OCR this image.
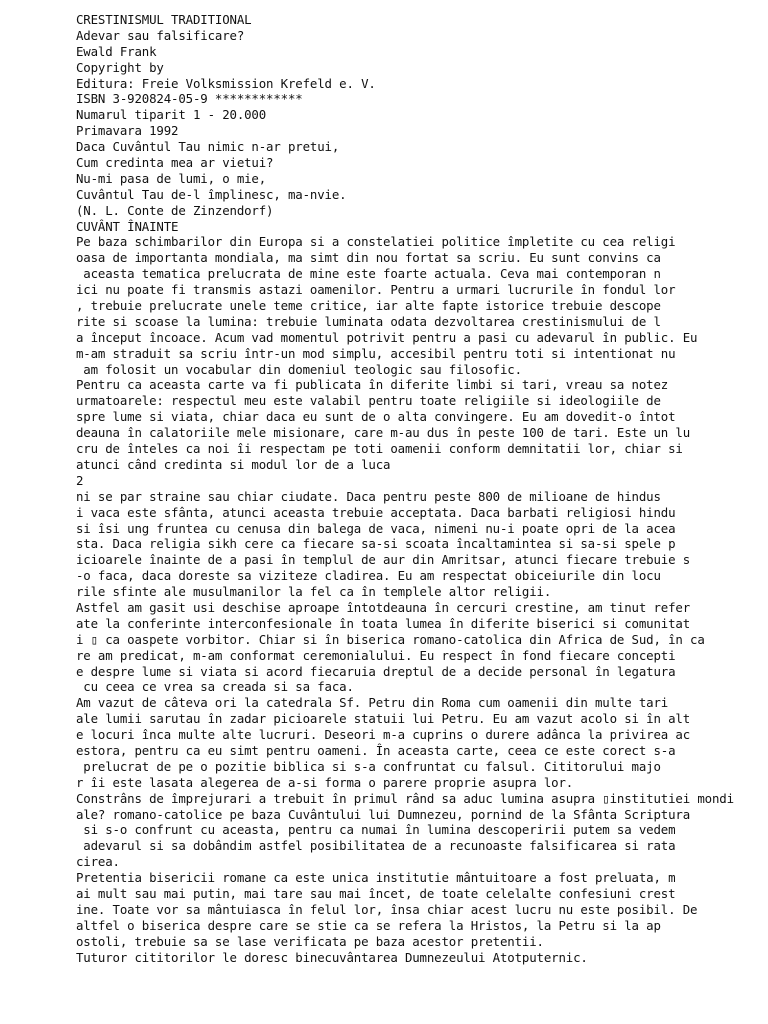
CRESTINISMUL TRADITIONAL
Adevar sau falsificare?
Ewald Frank
Copyright by
Editura: Freie Volksmission Krefeld e. V.
ISBN 3-920824-05-9 ************
Numarul tiparit 1 - 20.000
Primavara 1992
Daca Cuvântul Tau nimic n-ar pretui,
Cum credinta mea ar vietui?
Nu-mi pasa de lumi, o mie,
Cuvântul Tau de-l împlinesc, ma-nvie.
(N. L. Conte de Zinzendorf)
CUVÂNT ÎNAINTE
Pe baza schimbarilor din Europa si a constelatiei politice împletite cu cea religi
oasa de importanta mondiala, ma simt din nou fortat sa scriu. Eu sunt convins ca
aceasta tematica prelucrata de mine este foarte actuala. Ceva mai contemporan n
ici nu poate fi transmis astazi oamenilor. Pentru a urmari lucrurile în fondul lor
, trebuie prelucrate unele teme critice, iar alte fapte istorice trebuie descope
rite si scoase la lumina: trebuie luminata odata dezvoltarea crestinismului de l
a început încoace. Acum vad momentul potrivit pentru a pasi cu adevarul în public. Eu
m-am straduit sa scriu într-un mod simplu, accesibil pentru toti si intentionat nu
am folosit un vocabular din domeniul teologic sau filosofic.
Pentru ca aceasta carte va fi publicata în diferite limbi si tari, vreau sa notez
urmatoarele: respectul meu este valabil pentru toate religiile si ideologiile de
spre lume si viata, chiar daca eu sunt de o alta convingere. Eu am dovedit-o întot
deauna în calatoriile mele misionare, care m-au dus în peste 100 de tari. Este un lu
cru de înteles ca noi îi respectam pe toti oamenii conform demnitatii lor, chiar si
atunci când credinta si modul lor de a luca
2
ni se par straine sau chiar ciudate. Daca pentru peste 800 de milioane de hindus
i vaca este sfânta, atunci aceasta trebuie acceptata. Daca barbati religiosi hindu
si îsi ung fruntea cu cenusa din balega de vaca, nimeni nu-i poate opri de la acea
sta. Daca religia sikh cere ca fiecare sa-si scoata încaltamintea si sa-si spele p
icioarele înainte de a pasi în templul de aur din Amritsar, atunci fiecare trebuie s
-o faca, daca doreste sa viziteze cladirea. Eu am respectat obiceiurile din locu
rile sfinte ale musulmanilor la fel ca în templele altor religii.
Astfel am gasit usi deschise aproape întotdeauna în cercuri crestine, am tinut refer
ate la conferinte interconfesionale în toata lumea în diferite biserici si comunitat
i ▯ ca oaspete vorbitor. Chiar si în biserica romano-catolica din Africa de Sud, în ca
re am predicat, m-am conformat ceremonialului. Eu respect în fond fiecare concepti
e despre lume si viata si acord fiecaruia dreptul de a decide personal în legatura
cu ceea ce vrea sa creada si sa faca.
Am vazut de câteva ori la catedrala Sf. Petru din Roma cum oamenii din multe tari
ale lumii sarutau în zadar picioarele statuii lui Petru. Eu am vazut acolo si în alt
e locuri înca multe alte lucruri. Deseori m-a cuprins o durere adânca la privirea ac
estora, pentru ca eu simt pentru oameni. În aceasta carte, ceea ce este corect s-a
prelucrat de pe o pozitie biblica si s-a confruntat cu falsul. Cititorului majo
r îi este lasata alegerea de a-si forma o parere proprie asupra lor.
Constrâns de împrejurari a trebuit în primul rând sa aduc lumina asupra ▯institutiei mondi
ale? romano-catolice pe baza Cuvântului lui Dumnezeu, pornind de la Sfânta Scriptura
si s-o confrunt cu aceasta, pentru ca numai în lumina descoperirii putem sa vedem
adevarul si sa dobândim astfel posibilitatea de a recunoaste falsificarea si rata
cirea.
Pretentia bisericii romane ca este unica institutie mântuitoare a fost preluata, m
ai mult sau mai putin, mai tare sau mai încet, de toate celelalte confesiuni crest
ine. Toate vor sa mântuiasca în felul lor, însa chiar acest lucru nu este posibil. De
altfel o biserica despre care se stie ca se refera la Hristos, la Petru si la ap
ostoli, trebuie sa se lase verificata pe baza acestor pretentii.
Tuturor cititorilor le doresc binecuvântarea Dumnezeului Atotputernic.
